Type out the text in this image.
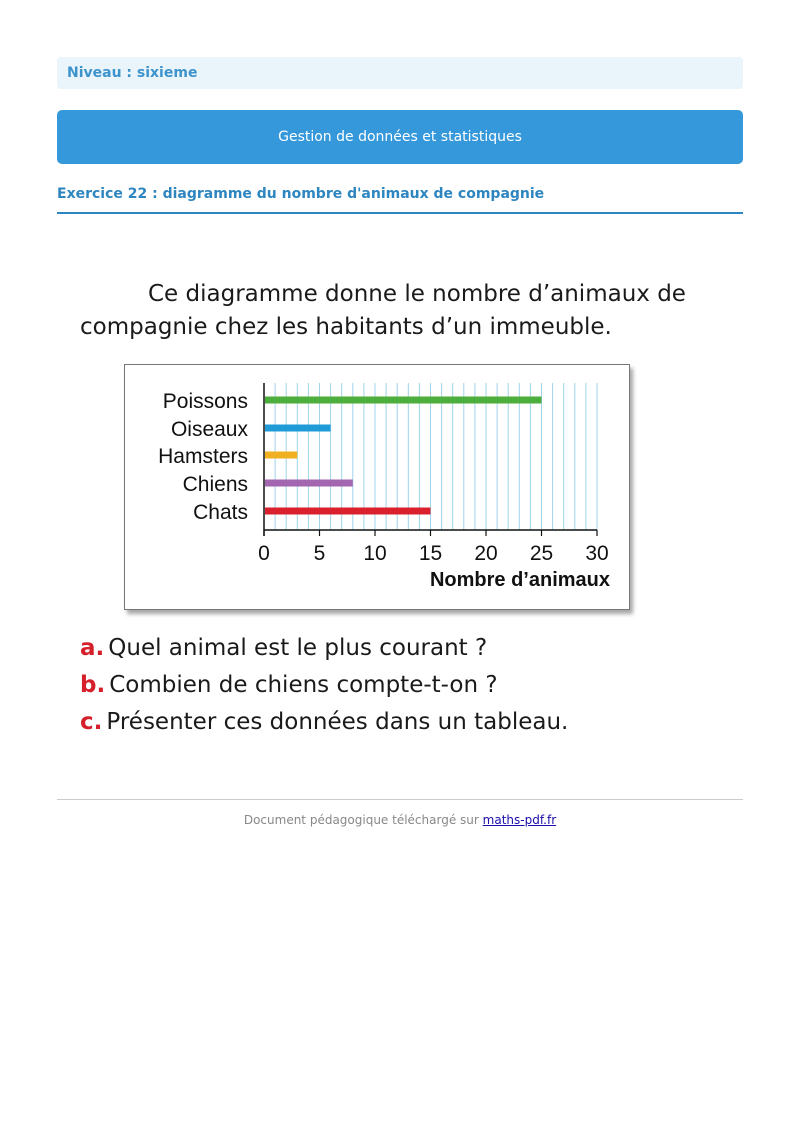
Niveau : sixieme
Gestion de données et statistiques
Exercice 22 : diagramme du nombre d'animaux de compagnie

Ce diagramme donne le nombre d’animaux de
compagnie chez les habitants d’un immeuble.

0 5 10 15 20 25 30
Poissons
Oiseaux
Hamsters
Chiens
Chats
Nombre d’animaux
a. Quel animal est le plus courant ?
b. Combien de chiens compte-t-on ?
c. Présenter ces données dans un tableau.
Document pédagogique téléchargé sur maths-pdf.fr
